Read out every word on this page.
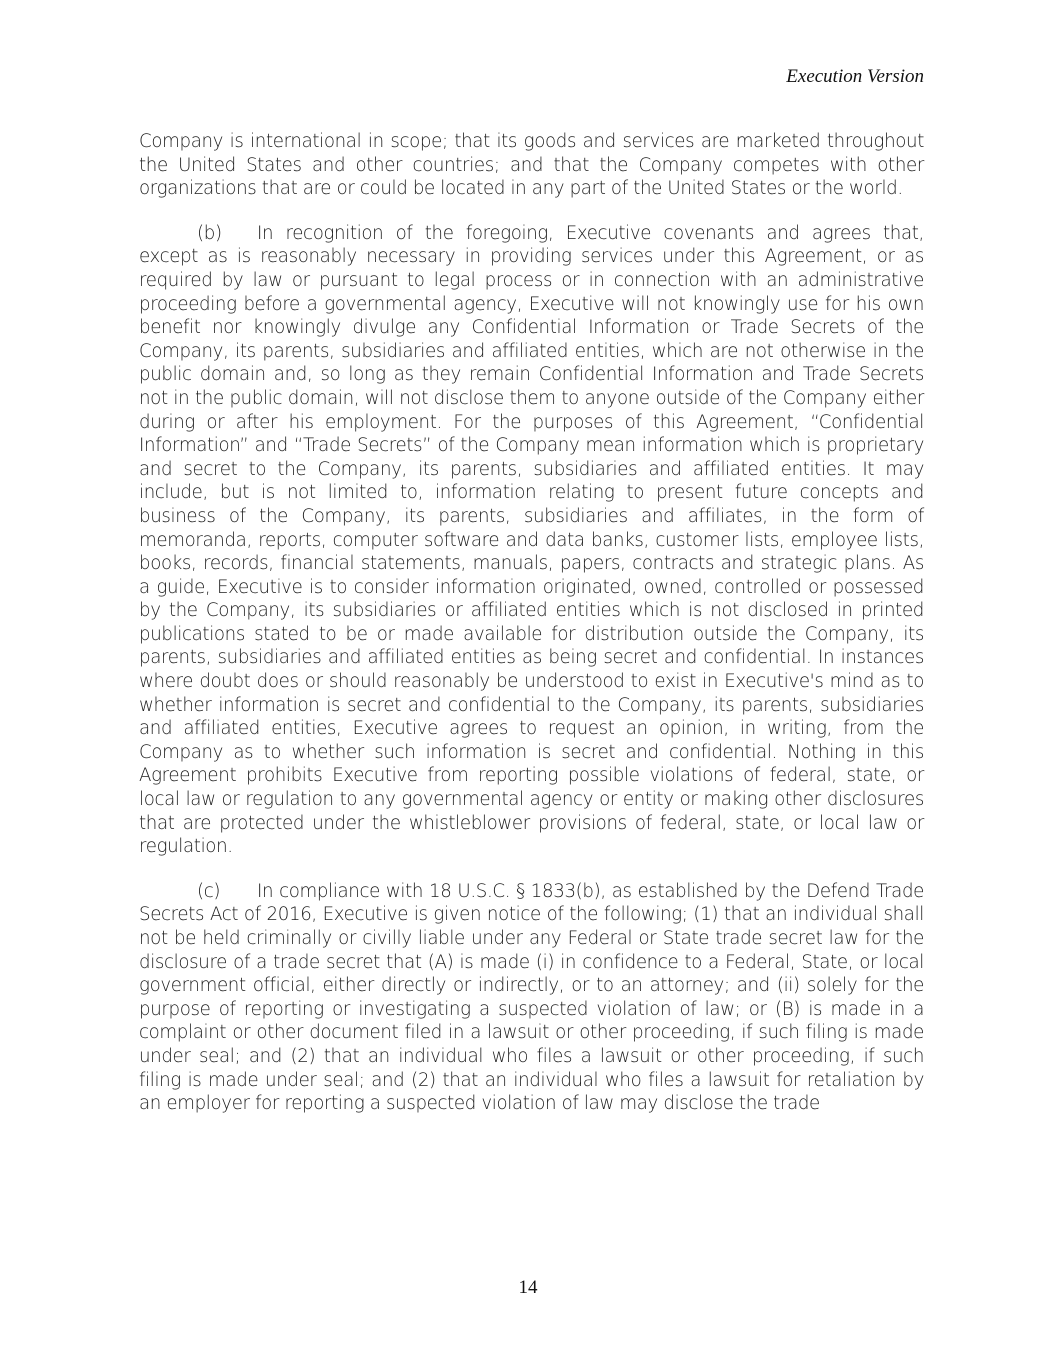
Execution Version

Company is international in scope; that its goods and services are marketed throughout the United States and other countries; and that the Company competes with other organizations that are or could be located in any part of the United States or the world.

(b) In recognition of the foregoing, Executive covenants and agrees that, except as is reasonably necessary in providing services under this Agreement, or as required by law or pursuant to legal process or in connection with an administrative proceeding before a governmental agency, Executive will not knowingly use for his own benefit nor knowingly divulge any Confidential Information or Trade Secrets of the Company, its parents, subsidiaries and affiliated entities, which are not otherwise in the public domain and, so long as they remain Confidential Information and Trade Secrets not in the public domain, will not disclose them to anyone outside of the Company either during or after his employment. For the purposes of this Agreement, “Confidential Information” and “Trade Secrets” of the Company mean information which is proprietary and secret to the Company, its parents, subsidiaries and affiliated entities. It may include, but is not limited to, information relating to present future concepts and business of the Company, its parents, subsidiaries and affiliates, in the form of memoranda, reports, computer software and data banks, customer lists, employee lists, books, records, financial statements, manuals, papers, contracts and strategic plans. As a guide, Executive is to consider information originated, owned, controlled or possessed by the Company, its subsidiaries or affiliated entities which is not disclosed in printed publications stated to be or made available for distribution outside the Company, its parents, subsidiaries and affiliated entities as being secret and confidential. In instances where doubt does or should reasonably be understood to exist in Executive's mind as to whether information is secret and confidential to the Company, its parents, subsidiaries and affiliated entities, Executive agrees to request an opinion, in writing, from the Company as to whether such information is secret and confidential. Nothing in this Agreement prohibits Executive from reporting possible violations of federal, state, or local law or regulation to any governmental agency or entity or making other disclosures that are protected under the whistleblower provisions of federal, state, or local law or regulation.

(c) In compliance with 18 U.S.C. § 1833(b), as established by the Defend Trade Secrets Act of 2016, Executive is given notice of the following; (1) that an individual shall not be held criminally or civilly liable under any Federal or State trade secret law for the disclosure of a trade secret that (A) is made (i) in confidence to a Federal, State, or local government official, either directly or indirectly, or to an attorney; and (ii) solely for the purpose of reporting or investigating a suspected violation of law; or (B) is made in a complaint or other document filed in a lawsuit or other proceeding, if such filing is made under seal; and (2) that an individual who files a lawsuit or other proceeding, if such filing is made under seal; and (2) that an individual who files a lawsuit for retaliation by an employer for reporting a suspected violation of law may disclose the trade

14
